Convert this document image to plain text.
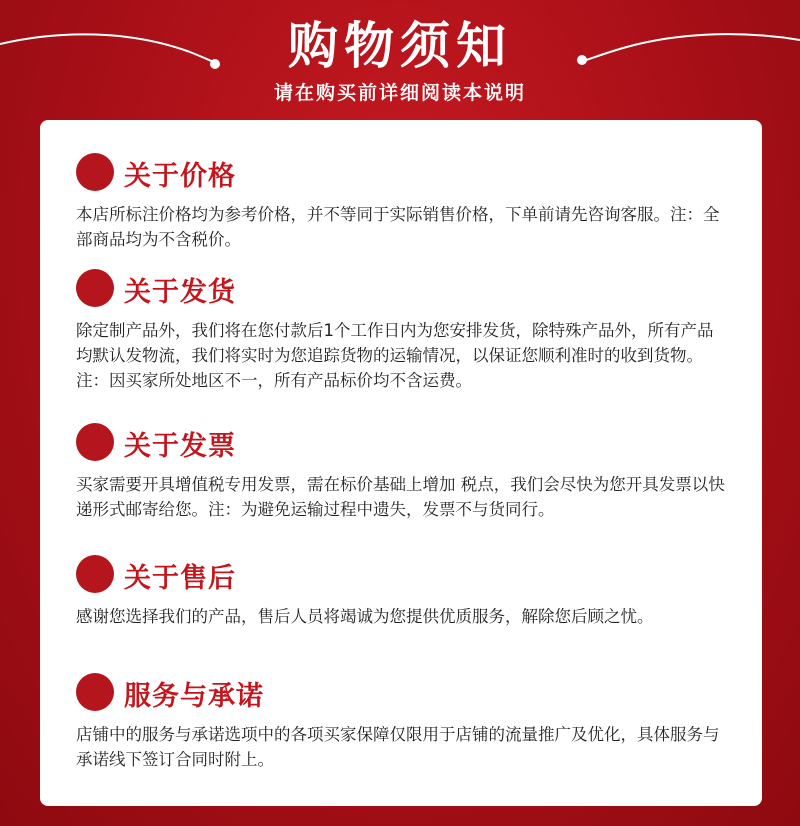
购物须知
请在购买前详细阅读本说明
关于价格
本店所标注价格均为参考价格，并不等同于实际销售价格，下单前请先咨询客服。注：全部商品均为不含税价。
关于发货
除定制产品外，我们将在您付款后1个工作日内为您安排发货，除特殊产品外，所有产品均默认发物流，我们将实时为您追踪货物的运输情况，以保证您顺利准时的收到货物。注：因买家所处地区不一，所有产品标价均不含运费。
关于发票
买家需要开具增值税专用发票，需在标价基础上增加 税点，我们会尽快为您开具发票以快递形式邮寄给您。注：为避免运输过程中遗失，发票不与货同行。
关于售后
感谢您选择我们的产品，售后人员将竭诚为您提供优质服务，解除您后顾之忧。
服务与承诺
店铺中的服务与承诺选项中的各项买家保障仅限用于店铺的流量推广及优化，具体服务与承诺线下签订合同时附上。
